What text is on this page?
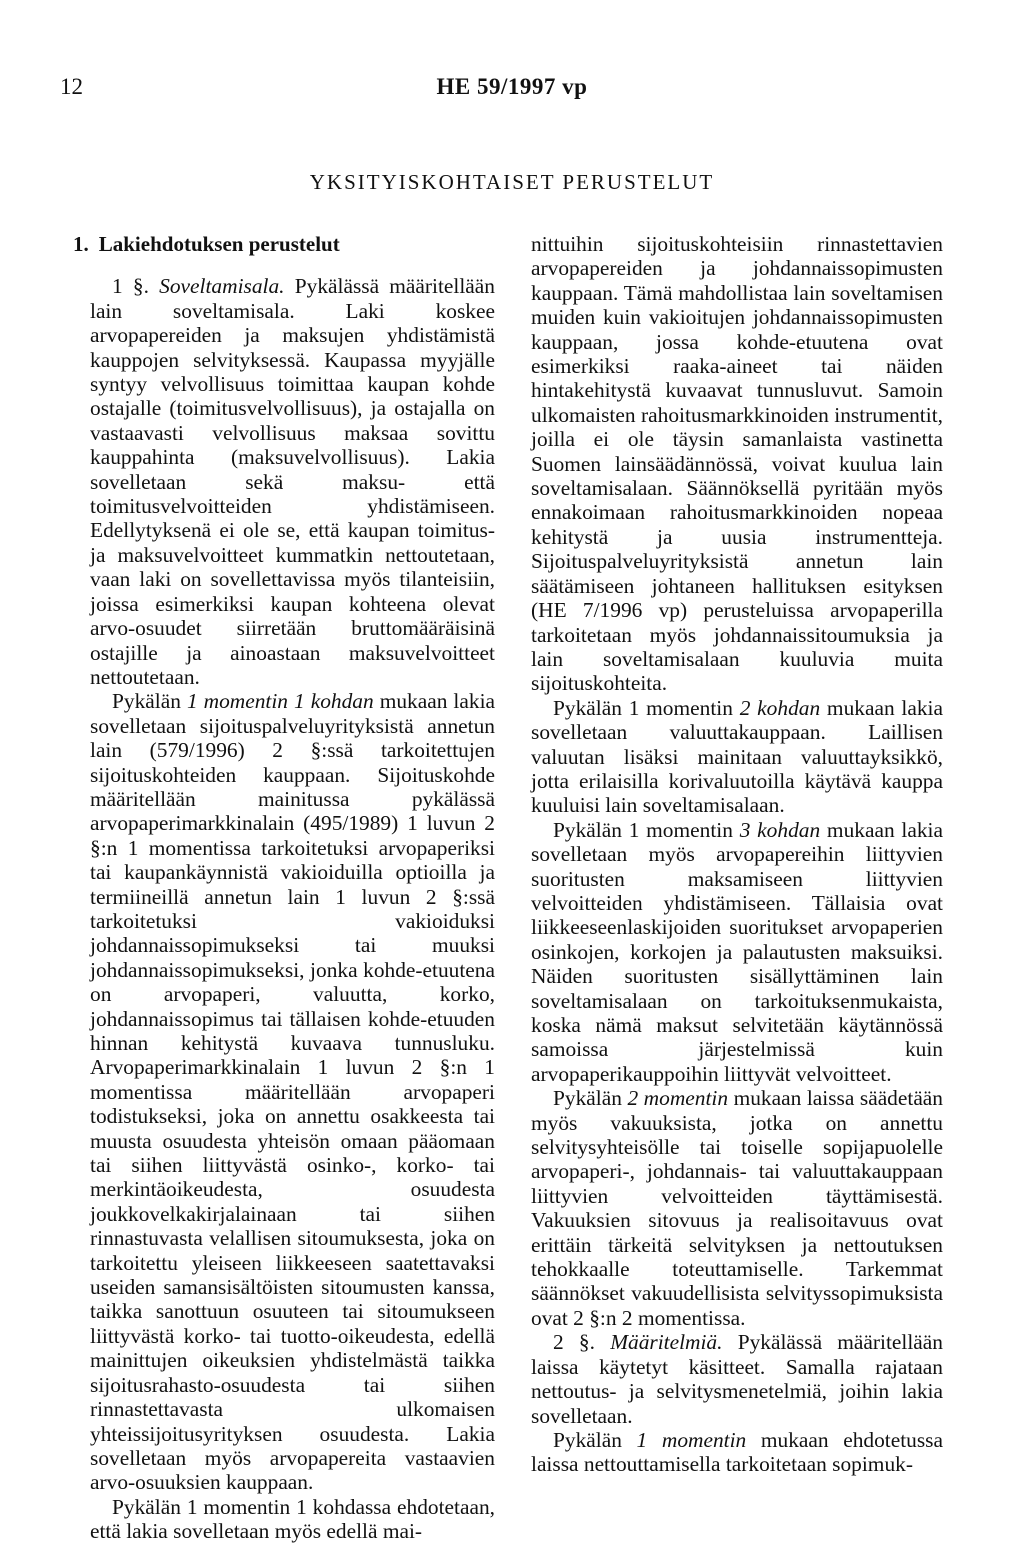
12	HE 59/1997 vp
YKSITYISKOHTAISET PERUSTELUT
1. Lakiehdotuksen perustelut

1 §. Soveltamisala. Pykälässä määritellään lain soveltamisala. Laki koskee arvopapereiden ja maksujen yhdistämistä kauppojen selvityksessä. Kaupassa myyjälle syntyy velvollisuus toimittaa kaupan kohde ostajalle (toimitusvelvollisuus), ja ostajalla on vastaavasti velvollisuus maksaa sovittu kauppahinta (maksuvelvollisuus). Lakia sovelletaan sekä maksu- että toimitusvelvoitteiden yhdistämiseen. Edellytyksenä ei ole se, että kaupan toimitus- ja maksuvelvoitteet kummatkin nettoutetaan, vaan laki on sovellettavissa myös tilanteisiin, joissa esimerkiksi kaupan kohteena olevat arvo-osuudet siirretään bruttomääräisinä ostajille ja ainoastaan maksuvelvoitteet nettoutetaan.

Pykälän 1 momentin 1 kohdan mukaan lakia sovelletaan sijoituspalveluyrityksistä annetun lain (579/1996) 2 §:ssä tarkoitettujen sijoituskohteiden kauppaan. Sijoituskohde määritellään mainitussa pykälässä arvopaperimarkkinalain (495/1989) 1 luvun 2 §:n 1 momentissa tarkoitetuksi arvopaperiksi tai kaupankäynnistä vakioiduilla optioilla ja termiineillä annetun lain 1 luvun 2 §:ssä tarkoitetuksi vakioiduksi johdannaissopimukseksi tai muuksi johdannaissopimukseksi, jonka kohde-etuutena on arvopaperi, valuutta, korko, johdannaissopimus tai tällaisen kohde-etuuden hinnan kehitystä kuvaava tunnusluku. Arvopaperimarkkinalain 1 luvun 2 §:n 1 momentissa määritellään arvopaperi todistukseksi, joka on annettu osakkeesta tai muusta osuudesta yhteisön omaan pääomaan tai siihen liittyvästä osinko-, korko- tai merkintäoikeudesta, osuudesta joukkovelkakirjalainaan tai siihen rinnastuvasta velallisen sitoumuksesta, joka on tarkoitettu yleiseen liikkeeseen saatettavaksi useiden samansisältöisten sitoumusten kanssa, taikka sanottuun osuuteen tai sitoumukseen liittyvästä korko- tai tuotto-oikeudesta, edellä mainittujen oikeuksien yhdistelmästä taikka sijoitusrahasto-osuudesta tai siihen rinnastettavasta ulkomaisen yhteissijoitusyrityksen osuudesta. Lakia sovelletaan myös arvopapereita vastaavien arvo-osuuksien kauppaan.

Pykälän 1 momentin 1 kohdassa ehdotetaan, että lakia sovelletaan myös edellä mai-

nittuihin sijoituskohteisiin rinnastettavien arvopapereiden ja johdannaissopimusten kauppaan. Tämä mahdollistaa lain soveltamisen muiden kuin vakioitujen johdannaissopimusten kauppaan, jossa kohde-etuutena ovat esimerkiksi raaka-aineet tai näiden hintakehitystä kuvaavat tunnusluvut. Samoin ulkomaisten rahoitusmarkkinoiden instrumentit, joilla ei ole täysin samanlaista vastinetta Suomen lainsäädännössä, voivat kuulua lain soveltamisalaan. Säännöksellä pyritään myös ennakoimaan rahoitusmarkkinoiden nopeaa kehitystä ja uusia instrumentteja. Sijoituspalveluyrityksistä annetun lain säätämiseen johtaneen hallituksen esityksen (HE 7/1996 vp) perusteluissa arvopaperilla tarkoitetaan myös johdannaissitoumuksia ja lain soveltamisalaan kuuluvia muita sijoituskohteita.

Pykälän 1 momentin 2 kohdan mukaan lakia sovelletaan valuuttakauppaan. Laillisen valuutan lisäksi mainitaan valuuttayksikkö, jotta erilaisilla korivaluutoilla käytävä kauppa kuuluisi lain soveltamisalaan.

Pykälän 1 momentin 3 kohdan mukaan lakia sovelletaan myös arvopapereihin liittyvien suoritusten maksamiseen liittyvien velvoitteiden yhdistämiseen. Tällaisia ovat liikkeeseenlaskijoiden suoritukset arvopaperien osinkojen, korkojen ja palautusten maksuiksi. Näiden suoritusten sisällyttäminen lain soveltamisalaan on tarkoituksenmukaista, koska nämä maksut selvitetään käytännössä samoissa järjestelmissä kuin arvopaperikauppoihin liittyvät velvoitteet.

Pykälän 2 momentin mukaan laissa säädetään myös vakuuksista, jotka on annettu selvitysyhteisölle tai toiselle sopijapuolelle arvopaperi-, johdannais- tai valuuttakauppaan liittyvien velvoitteiden täyttämisestä. Vakuuksien sitovuus ja realisoitavuus ovat erittäin tärkeitä selvityksen ja nettoutuksen tehokkaalle toteuttamiselle. Tarkemmat säännökset vakuudellisista selvityssopimuksista ovat 2 §:n 2 momentissa.

2 §. Määritelmiä. Pykälässä määritellään laissa käytetyt käsitteet. Samalla rajataan nettoutus- ja selvitysmenetelmiä, joihin lakia sovelletaan.

Pykälän 1 momentin mukaan ehdotetussa laissa nettouttamisella tarkoitetaan sopimuk-
